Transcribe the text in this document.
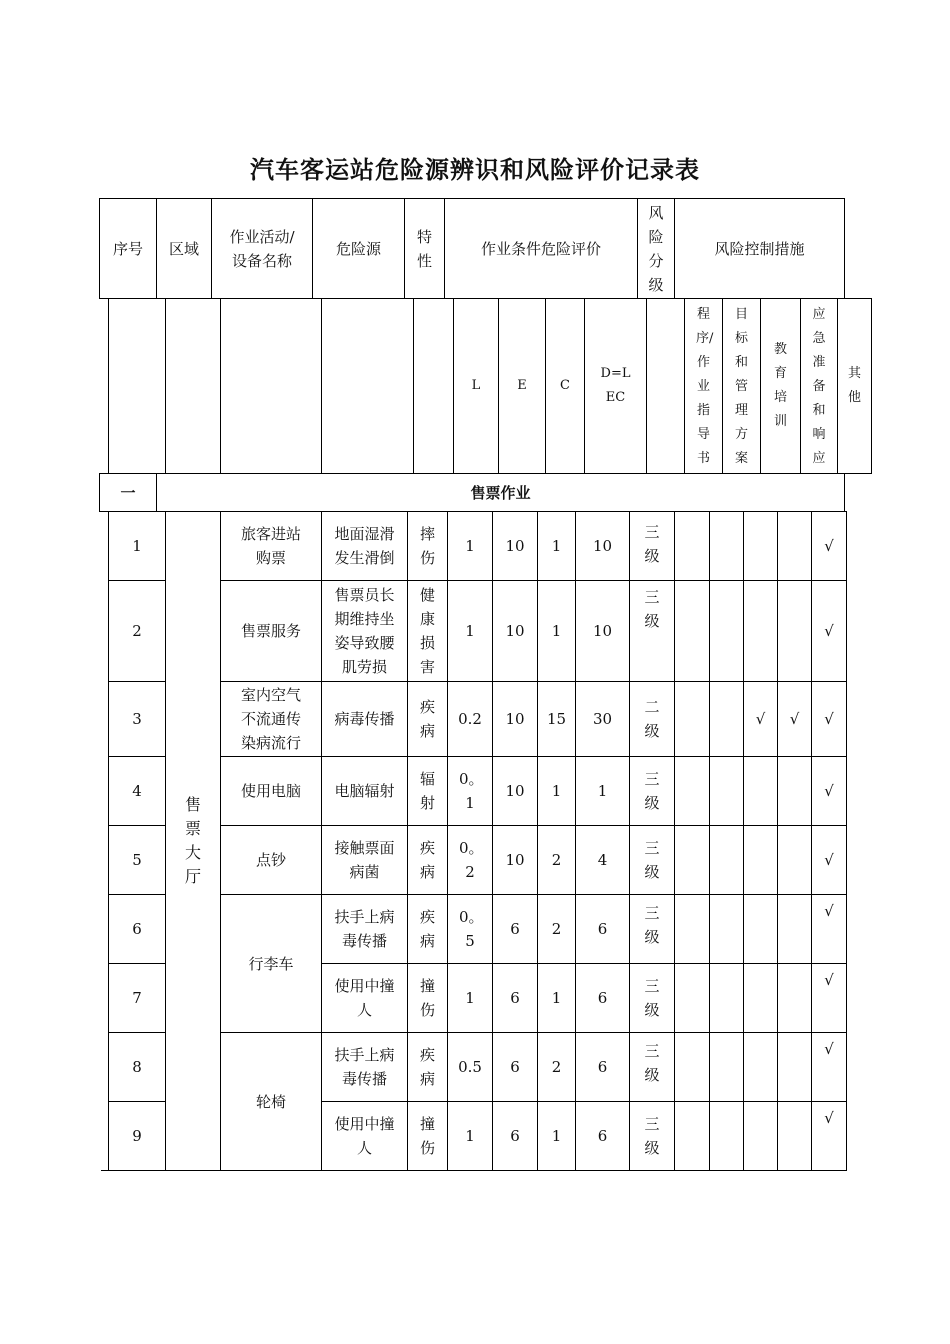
汽车客运站危险源辨识和风险评价记录表
序号	区域	作业活动/设备名称	危险源	特性	作业条件危险评价	风险分级	风险控制措施
					L	E	C	D=LEC		程序/作业指导书	目标和管理方案	教育培训	应急准备和响应	其他
一	售票作业
1	售票大厅	旅客进站购票	地面湿滑发生滑倒	摔伤	1	10	1	10	三级					√
2		售票服务	售票员长期维持坐姿导致腰肌劳损	健康损害	1	10	1	10	三级					√
3		室内空气不流通传染病流行	病毒传播	疾病	0.2	10	15	30	二级			√	√	√
4		使用电脑	电脑辐射	辐射	0。1	10	1	1	三级					√
5		点钞	接触票面病菌	疾病	0。2	10	2	4	三级					√
6		行李车	扶手上病毒传播	疾病	0。5	6	2	6	三级					√
7			使用中撞人	撞伤	1	6	1	6	三级					√
8		轮椅	扶手上病毒传播	疾病	0.5	6	2	6	三级					√
9			使用中撞人	撞伤	1	6	1	6	三级					√
